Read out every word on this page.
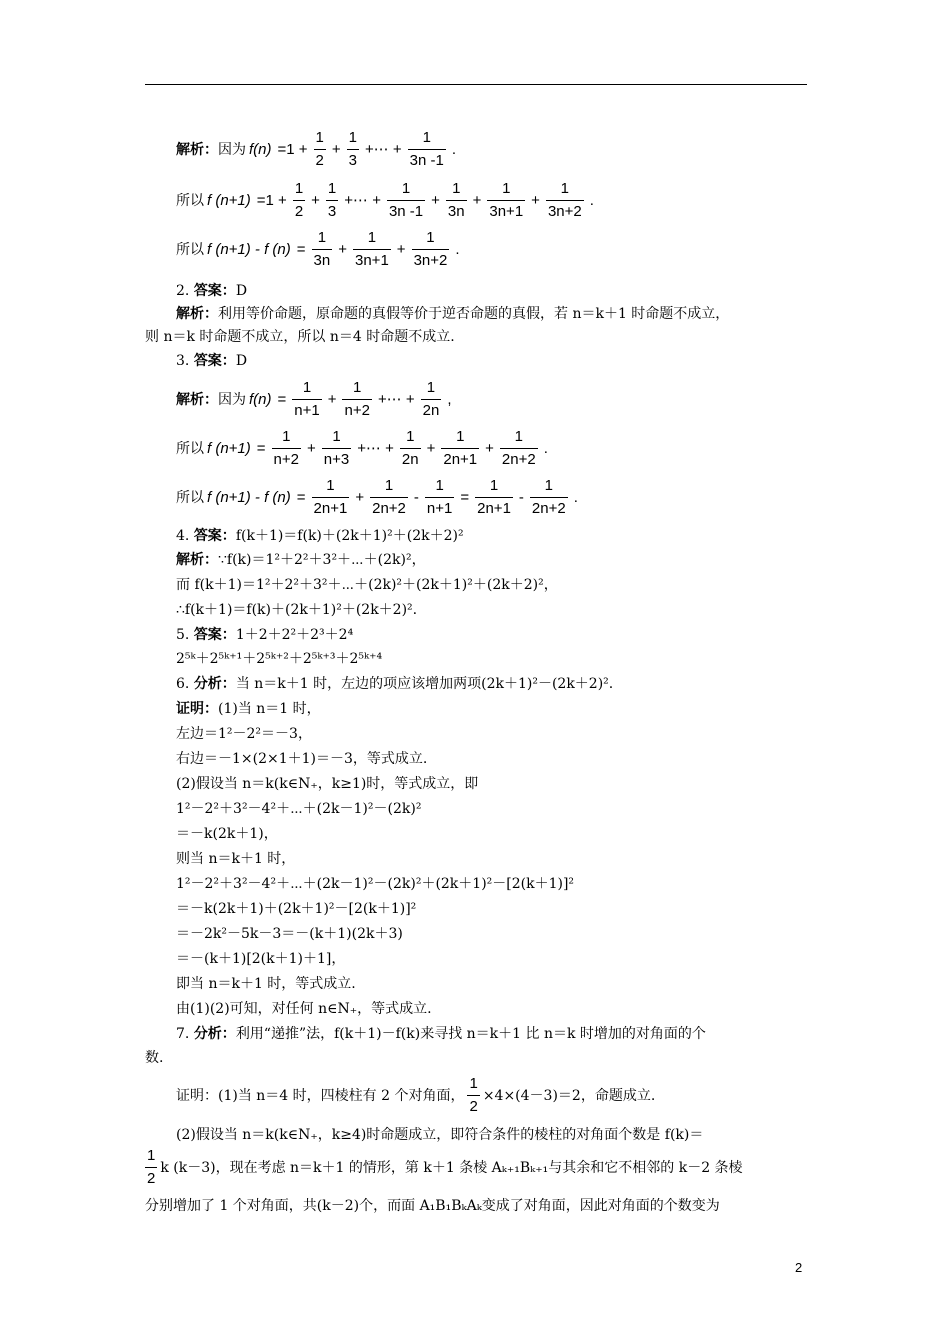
解析： 因为 $f(n) =1 + \frac{1}{2} + \frac{1}{3}$ +⋯ + $\frac{1}{3n -1}$ .
所以 f $(n+1) =1 + \frac{1}{2} + \frac{1}{3}$ +⋯ + $\frac{1}{3n -1} + \frac{1}{3n} + \frac{1}{3n+1} + \frac{1}{3n+2}$ .
所以 f (n+1) - f $(n) = \frac{1}{3n} + \frac{1}{3n+1} + \frac{1}{3n+2}$ .
2. 答案：D
解析：利用等价命题，原命题的真假等价于逆否命题的真假，若 n＝k＋1 时命题不成立，
则 n＝k 时命题不成立，所以 n＝4 时命题不成立.
3. 答案：D
解析： 因为 $f(n) = \frac{1}{n+1} + \frac{1}{n+2}$ +⋯ + $\frac{1}{2n}$ ,
所以 f $(n+1) = \frac{1}{n+2} + \frac{1}{n+3}$ +⋯ + $\frac{1}{2n} + \frac{1}{2n+1} + \frac{1}{2n+2}$ .
所以 f (n+1) - f $(n) = \frac{1}{2n+1} + \frac{1}{2n+2} - \frac{1}{n+1} = \frac{1}{2n+1} - \frac{1}{2n+2}$ .
4. 答案：f(k＋1)＝f(k)＋(2k＋1)²＋(2k＋2)²
解析：∵f(k)＝1²＋2²＋3²＋⋯＋(2k)²，
而 f(k＋1)＝1²＋2²＋3²＋⋯＋(2k)²＋(2k＋1)²＋(2k＋2)²，
∴f(k＋1)＝f(k)＋(2k＋1)²＋(2k＋2)².
5. 答案：1＋2＋2²＋2³＋2⁴
2⁵ᵏ＋2⁵ᵏ⁺¹＋2⁵ᵏ⁺²＋2⁵ᵏ⁺³＋2⁵ᵏ⁺⁴
6. 分析：当 n＝k＋1 时，左边的项应该增加两项(2k＋1)²－(2k＋2)².
证明：(1)当 n＝1 时，
左边＝1²－2²＝－3，
右边＝－1×(2×1＋1)＝－3，等式成立.
(2)假设当 n＝k(k∈N₊，k≥1)时，等式成立，即
1²－2²＋3²－4²＋⋯＋(2k－1)²－(2k)²
＝－k(2k＋1)，
则当 n＝k＋1 时，
1²－2²＋3²－4²＋⋯＋(2k－1)²－(2k)²＋(2k＋1)²－[2(k＋1)]²
＝－k(2k＋1)＋(2k＋1)²－[2(k＋1)]²
＝－2k²－5k－3＝－(k＋1)(2k＋3)
＝－(k＋1)[2(k＋1)＋1]，
即当 n＝k＋1 时，等式成立.
由(1)(2)可知，对任何 n∈N₊，等式成立.
7. 分析：利用“递推”法，f(k＋1)－f(k)来寻找 n＝k＋1 比 n＝k 时增加的对角面的个
数.
证明：(1)当 n＝4 时，四棱柱有 2 个对角面， $\frac{1}{2} \times 4\times(4-3)=2$，命题成立.
(2)假设当 n＝k(k∈N₊，k≥4)时命题成立，即符合条件的棱柱的对角面个数是 f(k)＝
$\frac{1}{2}$ k (k－3)，现在考虑 n＝k＋1 的情形，第 k＋1 条棱 Aₖ₊₁Bₖ₊₁与其余和它不相邻的 k－2 条棱
分别增加了 1 个对角面，共(k－2)个，而面 A₁B₁BₖAₖ变成了对角面，因此对角面的个数变为
2
